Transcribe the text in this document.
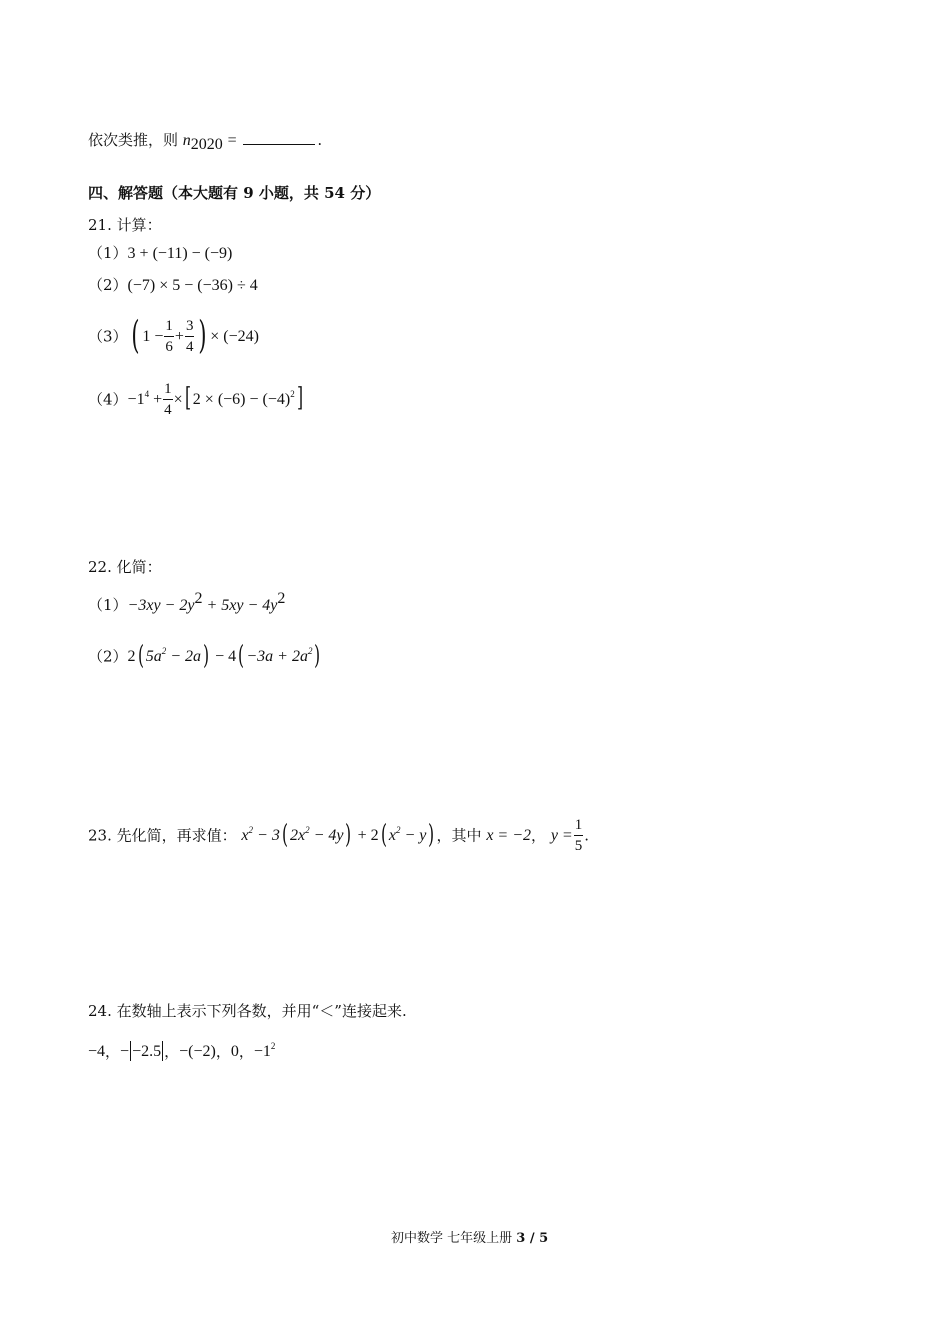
依次类推，则 $n_{2020}$ =	.
四、解答题（本大题有 9 小题，共 54 分）
21. 计算：
（1）3 + (−11) − (−9)
（2）(−7) × 5 − (−36) ÷ 4
（3）( $1 - \frac{1}{6} + \frac{3}{4}$ ) × (−24)
$(4)-1^4 + \frac{1}{4}$ ×[ $2 \times (-6) - (-4)^2$]
22. 化简：
$(1)-3xy - 2y^2 + 5xy - 4y^2$
（2）2( $5a^2 - 2a) - 4( -3a + 2a^2)$
23. 先化简，再求值： $x^2 - 3$( $2x^2 - 4y) + 2$( $x^2 - y$) ，其中 x = −2， $y = \frac{1}{5}$ .
24. 在数轴上表示下列各数，并用“＜”连接起来.
−4，− −2.5 ，−(−2)，0，$-1^2$
初中数学 七年级上册 3 / 5
